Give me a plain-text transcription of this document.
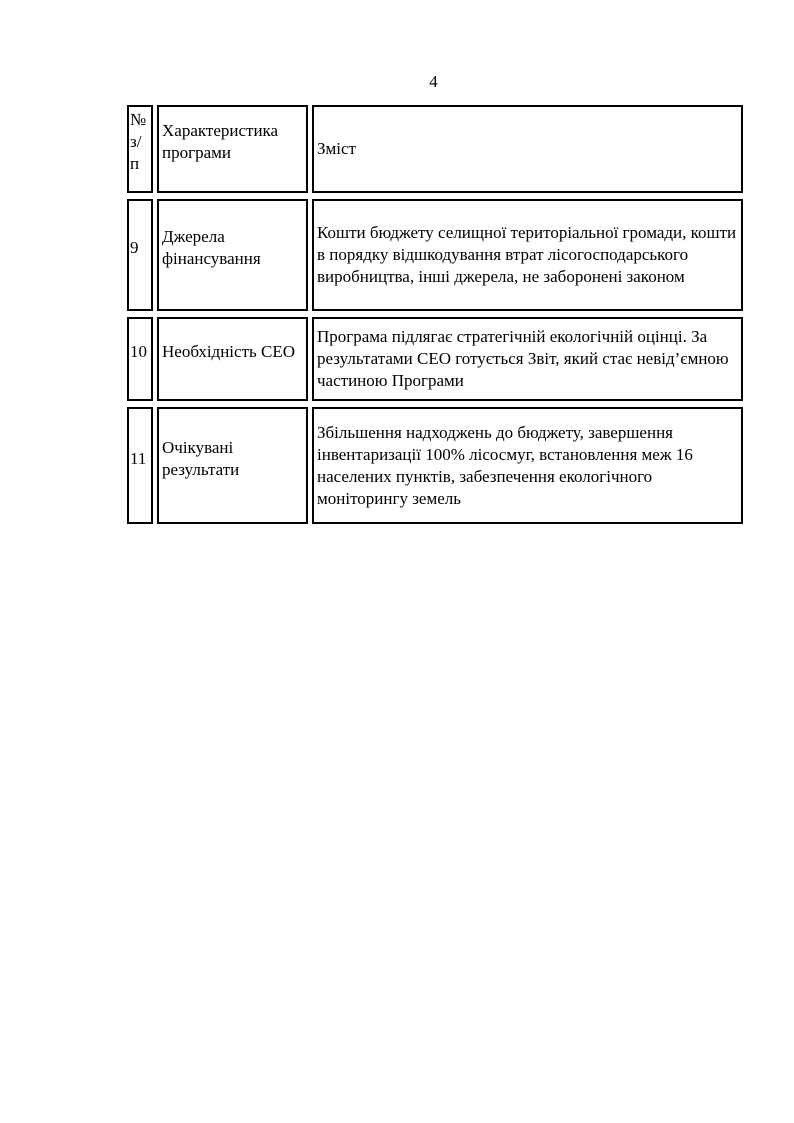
4
№ з/п	Характеристика програми	Зміст
9	Джерела фінансування	Кошти бюджету селищної територіальної громади, кошти в порядку відшкодування втрат лісогосподарського виробництва, інші джерела, не заборонені законом
10	Необхідність СЕО	Програма підлягає стратегічній екологічній оцінці. За результатами СЕО готується Звіт, який стає невід’ємною частиною Програми
11	Очікувані результати	Збільшення надходжень до бюджету, завершення інвентаризації 100% лісосмуг, встановлення меж 16 населених пунктів, забезпечення екологічного моніторингу земель
